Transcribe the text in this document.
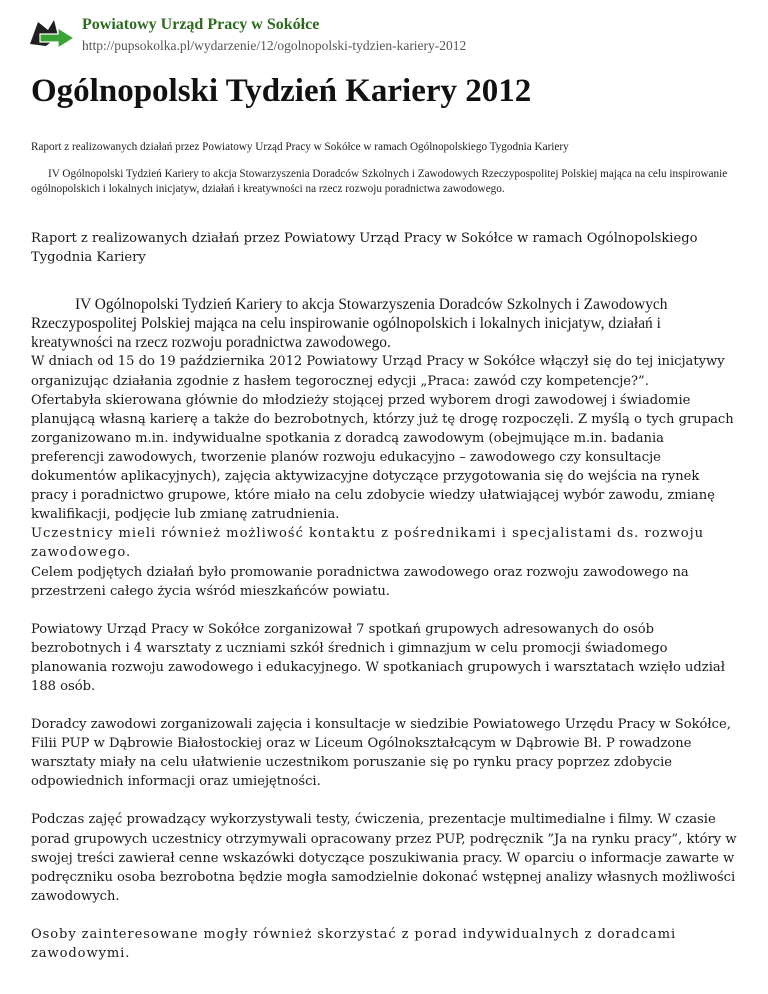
Powiatowy Urząd Pracy w Sokółce
http://pupsokolka.pl/wydarzenie/12/ogolnopolski-tydzien-kariery-2012
Ogólnopolski Tydzień Kariery 2012

Raport z realizowanych działań przez Powiatowy Urząd Pracy w Sokółce w ramach Ogólnopolskiego Tygodnia Kariery

IV Ogólnopolski Tydzień Kariery to akcja Stowarzyszenia Doradców Szkolnych i Zawodowych Rzeczypospolitej Polskiej mająca na celu inspirowanie ogólnopolskich i lokalnych inicjatyw, działań i kreatywności na rzecz rozwoju poradnictwa zawodowego.

Raport z realizowanych działań przez Powiatowy Urząd Pracy w Sokółce w ramach Ogólnopolskiego Tygodnia Kariery

IV Ogólnopolski Tydzień Kariery to akcja Stowarzyszenia Doradców Szkolnych i Zawodowych Rzeczypospolitej Polskiej mająca na celu inspirowanie ogólnopolskich i lokalnych inicjatyw, działań i kreatywności na rzecz rozwoju poradnictwa zawodowego.

W dniach od 15 do 19 października 2012 Powiatowy Urząd Pracy w Sokółce włączył się do tej inicjatywy organizując działania zgodnie z hasłem tegorocznej edycji „Praca: zawód czy kompetencje?”.

Ofertabyła skierowana głównie do młodzieży stojącej przed wyborem drogi zawodowej i świadomie planującą własną karierę a także do bezrobotnych, którzy już tę drogę rozpoczęli. Z myślą o tych grupach zorganizowano m.in. indywidualne spotkania z doradcą zawodowym (obejmujące m.in. badania preferencji zawodowych, tworzenie planów rozwoju edukacyjno – zawodowego czy konsultacje dokumentów aplikacyjnych), zajęcia aktywizacyjne dotyczące przygotowania się do wejścia na rynek pracy i poradnictwo grupowe, które miało na celu zdobycie wiedzy ułatwiającej wybór zawodu, zmianę kwalifikacji, podjęcie lub zmianę zatrudnienia.

Uczestnicy mieli również możliwość kontaktu z pośrednikami i specjalistami ds. rozwoju zawodowego.

Celem podjętych działań było promowanie poradnictwa zawodowego oraz rozwoju zawodowego na przestrzeni całego życia wśród mieszkańców powiatu.

Powiatowy Urząd Pracy w Sokółce zorganizował 7 spotkań grupowych adresowanych do osób bezrobotnych i 4 warsztaty z uczniami szkół średnich i gimnazjum w celu promocji świadomego planowania rozwoju zawodowego i edukacyjnego. W spotkaniach grupowych i warsztatach wzięło udział 188 osób.

Doradcy zawodowi zorganizowali zajęcia i konsultacje w siedzibie Powiatowego Urzędu Pracy w Sokółce, Filii PUP w Dąbrowie Białostockiej oraz w Liceum Ogólnokształcącym w Dąbrowie Bł. P rowadzone warsztaty miały na celu ułatwienie uczestnikom poruszanie się po rynku pracy poprzez zdobycie odpowiednich informacji oraz umiejętności.

Podczas zajęć prowadzący wykorzystywali testy, ćwiczenia, prezentacje multimedialne i filmy. W czasie porad grupowych uczestnicy otrzymywali opracowany przez PUP, podręcznik ”Ja na rynku pracy”, który w swojej treści zawierał cenne wskazówki dotyczące poszukiwania pracy. W oparciu o informacje zawarte w podręczniku osoba bezrobotna będzie mogła samodzielnie dokonać wstępnej analizy własnych możliwości zawodowych.

Osoby zainteresowane mogły również skorzystać z porad indywidualnych z doradcami zawodowymi.
